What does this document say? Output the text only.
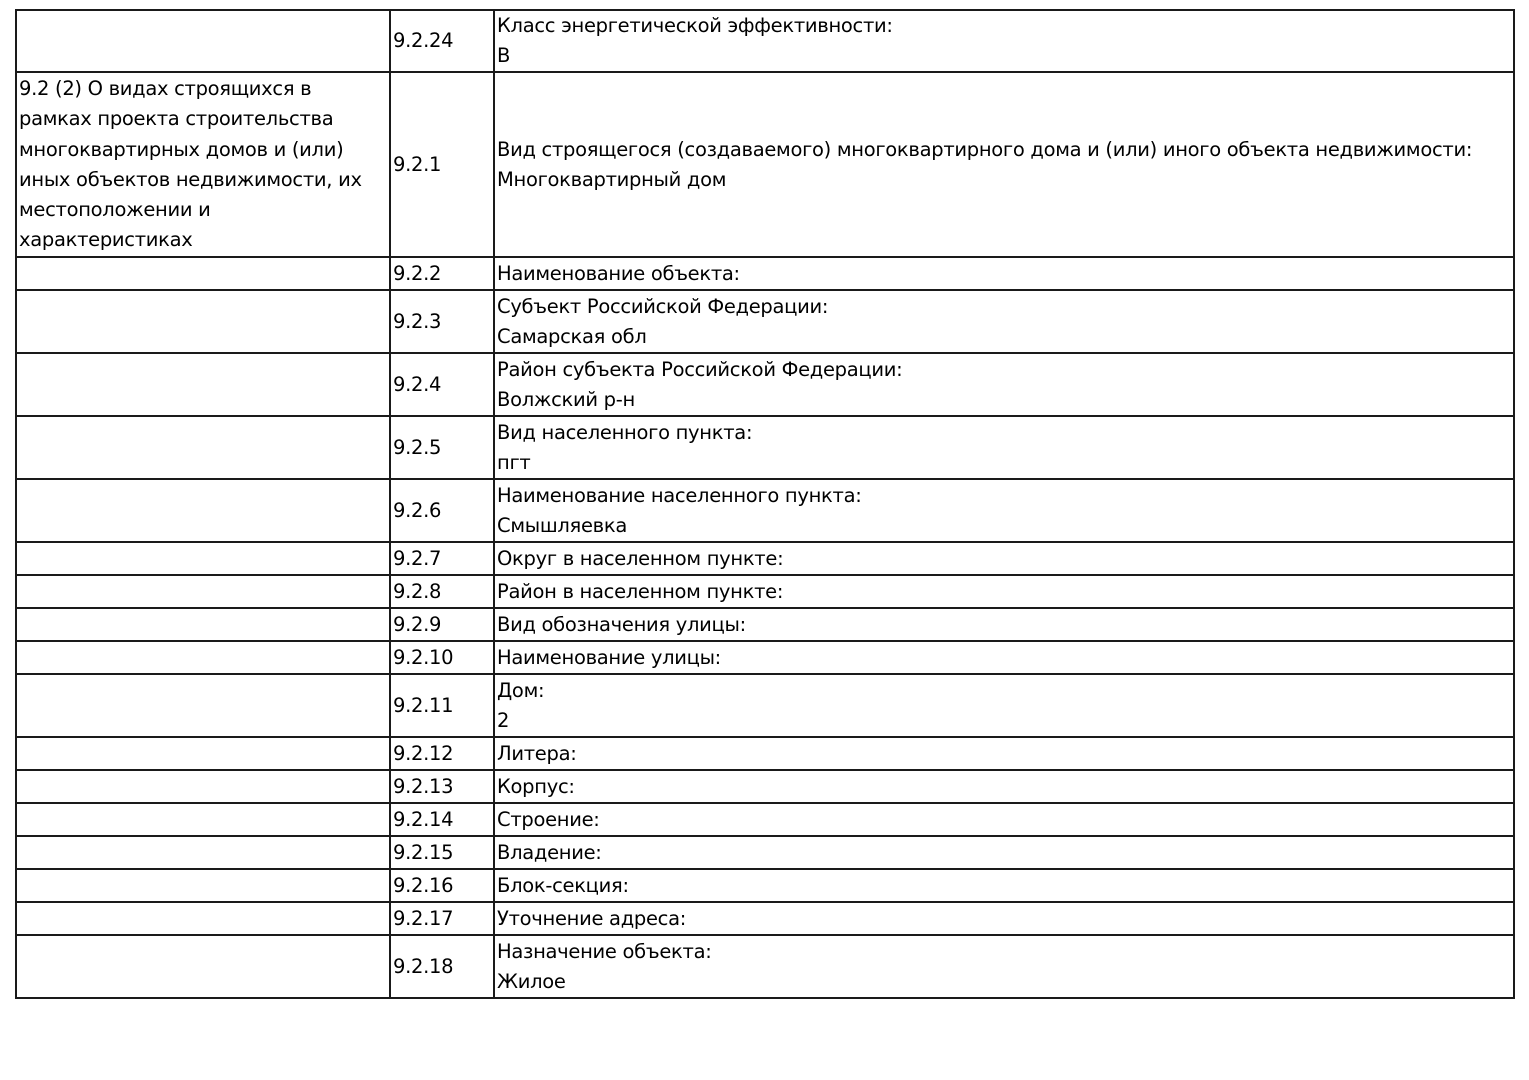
	9.2.24	Класс энергетической эффективности:
В

9.2 (2) О видах строящихся в рамках проекта строительства многоквартирных домов и (или) иных объектов недвижимости, их местоположении и характеристиках	9.2.1	Вид строящегося (создаваемого) многоквартирного дома и (или) иного объекта недвижимости:
Многоквартирный дом

	9.2.2	Наименование объекта:

	9.2.3	Субъект Российской Федерации:
Самарская обл

	9.2.4	Район субъекта Российской Федерации:
Волжский р-н

	9.2.5	Вид населенного пункта:
пгт

	9.2.6	Наименование населенного пункта:
Смышляевка

	9.2.7	Округ в населенном пункте:

	9.2.8	Район в населенном пункте:

	9.2.9	Вид обозначения улицы:

	9.2.10	Наименование улицы:

	9.2.11	Дом:
2

	9.2.12	Литера:

	9.2.13	Корпус:

	9.2.14	Строение:

	9.2.15	Владение:

	9.2.16	Блок-секция:

	9.2.17	Уточнение адреса:

	9.2.18	Назначение объекта:
Жилое
